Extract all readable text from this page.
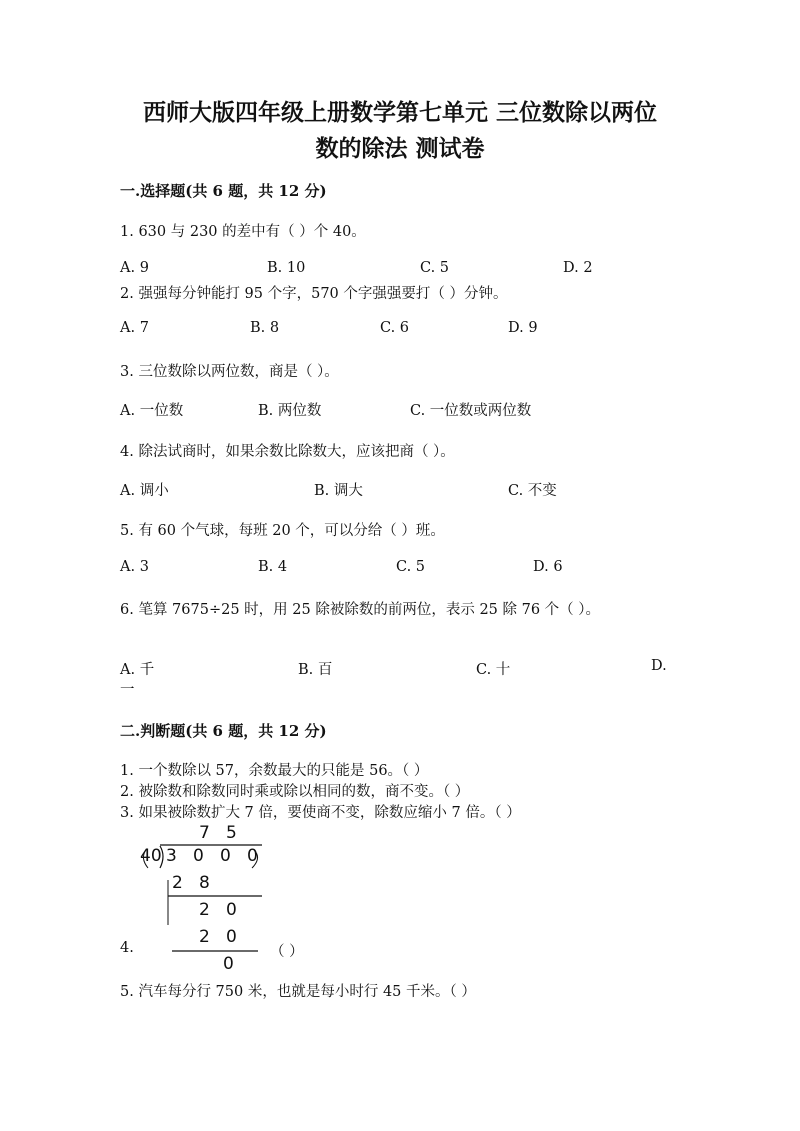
西师大版四年级上册数学第七单元 三位数除以两位
数的除法 测试卷
一.选择题(共 6 题，共 12 分)
1. 630 与 230 的差中有（ ）个 40。
A. 9	B. 10	C. 5	D. 2
2. 强强每分钟能打 95 个字，570 个字强强要打（ ）分钟。
A. 7	B. 8	C. 6	D. 9
3. 三位数除以两位数，商是（ ）。
A. 一位数	B. 两位数	C. 一位数或两位数
4. 除法试商时，如果余数比除数大，应该把商（ ）。
A. 调小	B. 调大	C. 不变
5. 有 60 个气球，每班 20 个，可以分给（ ）班。
A. 3	B. 4	C. 5	D. 6
6. 笔算 7675÷25 时，用 25 除被除数的前两位，表示 25 除 76 个（ ）。
A. 千	B. 百	C. 十	D.
一
二.判断题(共 6 题，共 12 分)
1. 一个数除以 57，余数最大的只能是 56。（ ）
2. 被除数和除数同时乘或除以相同的数，商不变。（ ）
3. 如果被除数扩大 7 倍，要使商不变，除数应缩小 7 倍。（ ）
7 5
40 3 0 0 0
2 8
2 0
2 0
0
4.	（ ）
5. 汽车每分行 750 米，也就是每小时行 45 千米。（ ）
